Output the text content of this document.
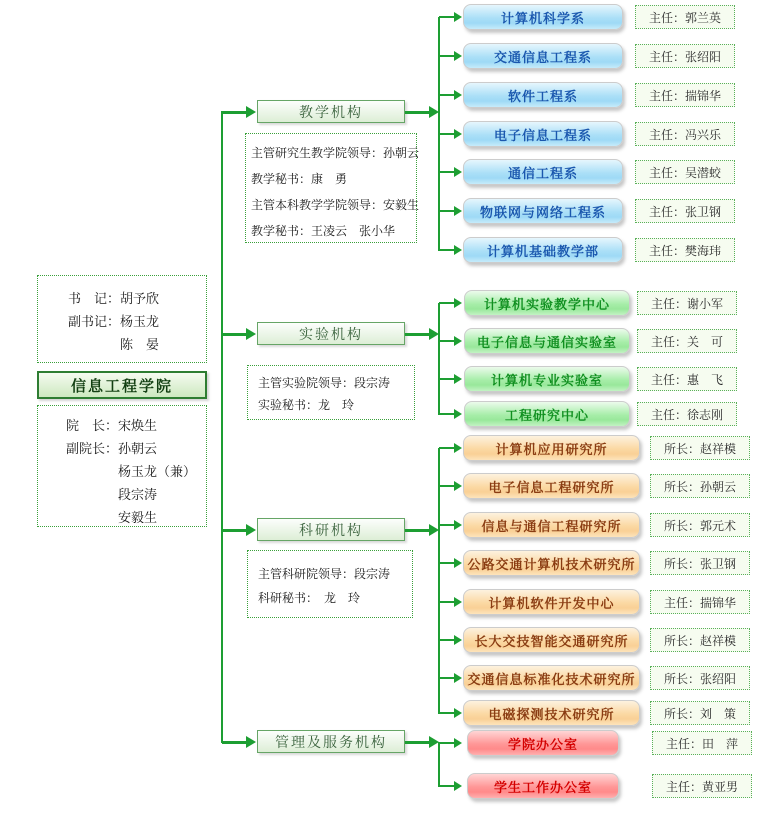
书　记：胡予欣
副书记：杨玉龙
　　　　陈　晏
信息工程学院
院　长：宋焕生
副院长：孙朝云
　　　　杨玉龙（兼）
　　　　段宗涛
　　　　安毅生
教学机构
主管研究生教学院领导：孙朝云
教学秘书：康　勇
主管本科教学学院领导：安毅生
教学秘书：王凌云　张小华
计算机科学系	主任：郭兰英
交通信息工程系	主任：张绍阳
软件工程系	主任：揣锦华
电子信息工程系	主任：冯兴乐
通信工程系	主任：吴潜蛟
物联网与网络工程系	主任：张卫钢
计算机基础教学部	主任：樊海玮
实验机构
主管实验院领导：段宗涛
实验秘书：龙　玲
计算机实验教学中心	主任：谢小军
电子信息与通信实验室	主任：关　可
计算机专业实验室	主任：惠　飞
工程研究中心	主任：徐志刚
科研机构
主管科研院领导：段宗涛
科研秘书：　龙　玲
计算机应用研究所	所长：赵祥模
电子信息工程研究所	所长：孙朝云
信息与通信工程研究所	所长：郭元术
公路交通计算机技术研究所	所长：张卫钢
计算机软件开发中心	主任：揣锦华
长大交技智能交通研究所	所长：赵祥模
交通信息标准化技术研究所	所长：张绍阳
电磁探测技术研究所	所长：刘　策
管理及服务机构	学院办公室	主任：田　萍
学生工作办公室	主任：黄亚男
